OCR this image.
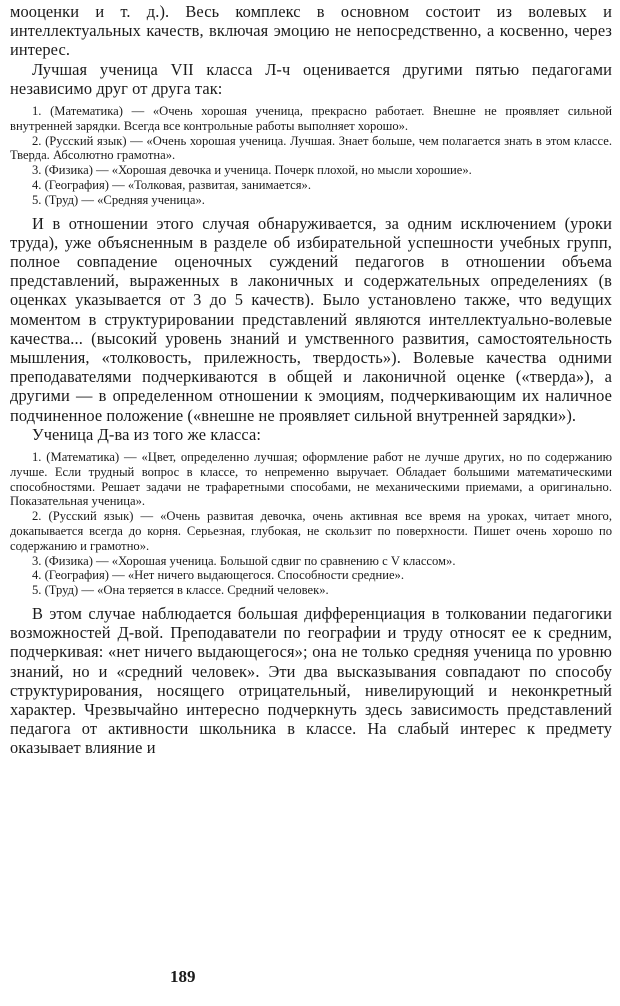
мооценки и т. д.). Весь комплекс в основном состоит из волевых и интеллектуальных качеств, включая эмоцию не непосредственно, а косвенно, через интерес.

Лучшая ученица VII класса Л-ч оценивается другими пятью педагогами независимо друг от друга так:

1. (Математика) — «Очень хорошая ученица, прекрасно работает. Внешне не проявляет сильной внутренней зарядки. Всегда все контрольные работы выполняет хорошо».

2. (Русский язык) — «Очень хорошая ученица. Лучшая. Знает больше, чем полагается знать в этом классе. Тверда. Абсолютно грамотна».

3. (Физика) — «Хорошая девочка и ученица. Почерк плохой, но мысли хорошие».

4. (География) — «Толковая, развитая, занимается».

5. (Труд) — «Средняя ученица».

И в отношении этого случая обнаруживается, за одним исключением (уроки труда), уже объясненным в разделе об избирательной успешности учебных групп, полное совпадение оценочных суждений педагогов в отношении объема представлений, выраженных в лаконичных и содержательных определениях (в оценках указывается от 3 до 5 качеств). Было установлено также, что ведущих моментом в структурировании представлений являются интеллектуально-волевые качества... (высокий уровень знаний и умственного развития, самостоятельность мышления, «толковость, прилежность, твердость»). Волевые качества одними преподавателями подчеркиваются в общей и лаконичной оценке («тверда»), а другими — в определенном отношении к эмоциям, подчеркивающим их наличное подчиненное положение («внешне не проявляет сильной внутренней зарядки»).

Ученица Д-ва из того же класса:

1. (Математика) — «Цвет, определенно лучшая; оформление работ не лучше других, но по содержанию лучше. Если трудный вопрос в классе, то непременно выручает. Обладает большими математическими способностями. Решает задачи не трафаретными способами, не механическими приемами, а оригинально. Показательная ученица».

2. (Русский язык) — «Очень развитая девочка, очень активная все время на уроках, читает много, докапывается всегда до корня. Серьезная, глубокая, не скользит по поверхности. Пишет очень хорошо по содержанию и грамотно».

3. (Физика) — «Хорошая ученица. Большой сдвиг по сравнению с V классом».

4. (География) — «Нет ничего выдающегося. Способности средние».

5. (Труд) — «Она теряется в классе. Средний человек».

В этом случае наблюдается большая дифференциация в толковании педагогики возможностей Д-вой. Преподаватели по географии и труду относят ее к средним, подчеркивая: «нет ничего выдающегося»; она не только средняя ученица по уровню знаний, но и «средний человек». Эти два высказывания совпадают по способу структурирования, носящего отрицательный, нивелирующий и неконкретный характер. Чрезвычайно интересно подчеркнуть здесь зависимость представлений педагога от активности школьника в классе. На слабый интерес к предмету оказывает влияние и

189
